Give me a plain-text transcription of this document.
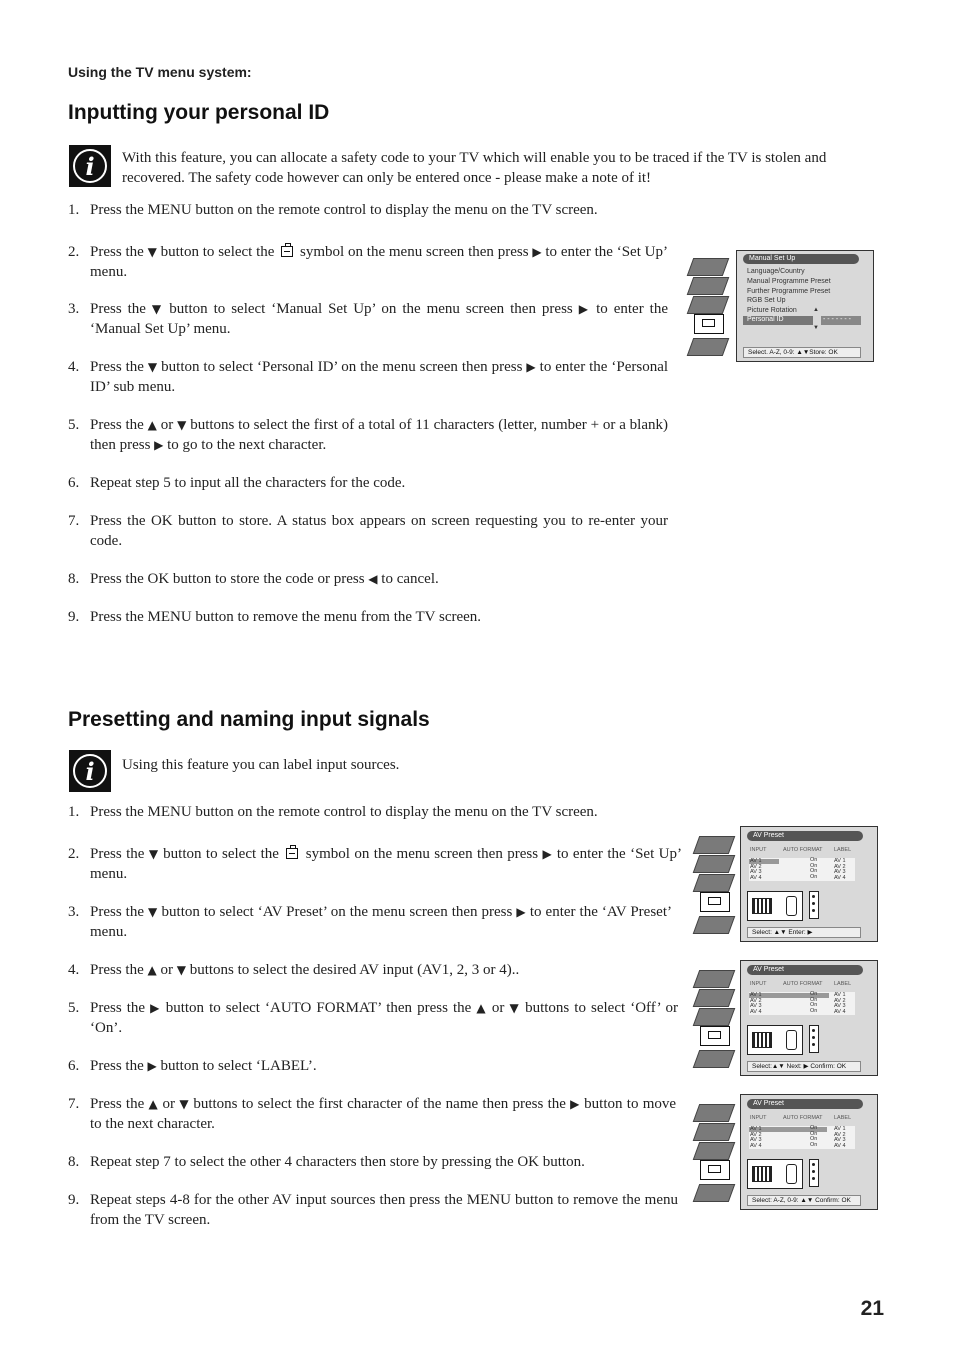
Using the TV menu system:
Inputting your personal ID
i	With this feature, you can allocate a safety code to your TV which will enable you to be traced if the TV is stolen and recovered. The safety code however can only be entered once - please make a note of it!
1. Press the MENU button on the remote control to display the menu on the TV screen.
2. Press the ▼ button to select the  symbol on the menu screen then press ▶ to enter the ‘Set Up’ menu.
3. Press the ▼ button to select ‘Manual Set Up’ on the menu screen then press ▶ to enter the ‘Manual Set Up’ menu.
4. Press the ▼ button to select ‘Personal ID’ on the menu screen then press ▶ to enter the ‘Personal ID’ sub menu.
5. Press the ▲ or ▼ buttons to select the first of a total of 11 characters (letter, number + or a blank) then press ▶ to go to the next character.
6. Repeat step 5 to input all the characters for the code.
7. Press the OK button to store. A status box appears on screen requesting you to re-enter your code.
8. Press the OK button to store the code or press ◀ to cancel.
9. Press the MENU button to remove the menu from the TV screen.
Manual Set Up
Language/Country
Manual Programme Preset
Further Programme Preset
RGB Set Up
Picture Rotation
Personal ID
▲
▼
- - - - - - -
Select. A-Z, 0-9: ▲▼Store: OK
Presetting and naming input signals
i	Using this feature you can label input sources.
1. Press the MENU button on the remote control to display the menu on the TV screen.
2. Press the ▼ button to select the  symbol on the menu screen then press ▶ to enter the ‘Set Up’ menu.
3. Press the ▼ button to select ‘AV Preset’ on the menu screen then press ▶ to enter the ‘AV Preset’ menu.
4. Press the ▲ or ▼ buttons to select the desired AV input (AV1, 2, 3 or 4)..
5. Press the ▶ button to select ‘AUTO FORMAT’ then press the ▲ or ▼ buttons to select ‘Off’ or ‘On’.
6. Press the ▶ button to select ‘LABEL’.
7. Press the ▲ or ▼ buttons to select the first character of the name then press the ▶ button to move to the next character.
8. Repeat step 7 to select the other 4 characters then store by pressing the OK button.
9. Repeat steps 4-8 for the other AV input sources then press the MENU button to remove the menu from the TV screen.
AV Preset
INPUT	AUTO FORMAT LABEL
AV 1	On	AV 1
AV 2	On	AV 2
AV 3	On	AV 3
AV 4	On	AV 4
Select: ▲▼ Enter: ▶
AV Preset
INPUT	AUTO FORMAT LABEL
AV 1	On	AV 1
AV 2	On	AV 2
AV 3	On	AV 3
AV 4	On	AV 4
Select:▲▼ Next: ▶ Confirm: OK
AV Preset
INPUT	AUTO FORMAT LABEL
AV 1	On	AV 1
AV 2	On	AV 2
AV 3	On	AV 3
AV 4	On	AV 4
Select: A-Z, 0-9: ▲▼ Confirm: OK
21
